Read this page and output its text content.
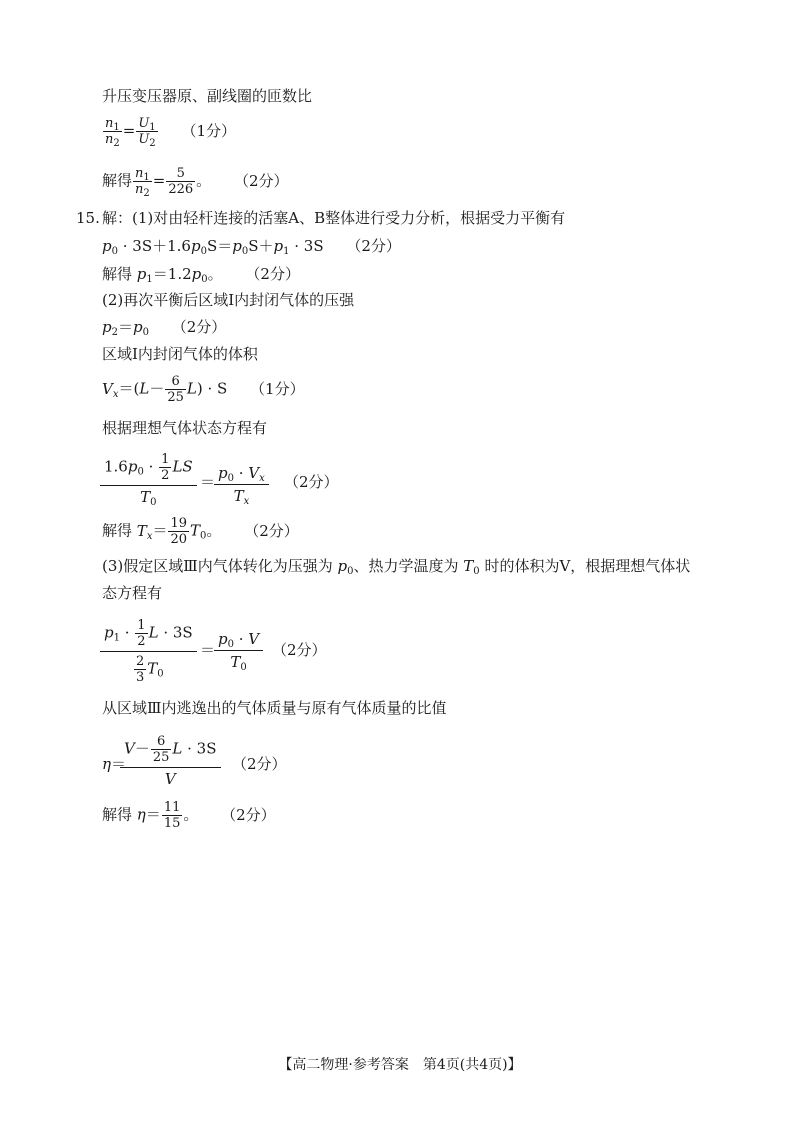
升压变压器原、副线圈的匝数比
$\frac{n_1}{n_2} = \frac{U_1}{U_2} (1$分）
解得 $\frac{n_1}{n_2} = \frac{5}{226}$ 。 （2分）
15. 解：(1)对由轻杆连接的活塞A、B整体进行受力分析，根据受力平衡有
$p_0 \cdot 3S+1.6p_0S=p_0S+p_1 \cdot 3S$ （2分）
解得 $p_1=1.2p_0$。 （2分）
(2)再次平衡后区域Ⅰ内封闭气体的压强
$p_2=p_0$ （2分）
区域Ⅰ内封闭气体的体积
$V_x=(L- \frac{6}{25} L) \cdot S$ （1分）
根据理想气体状态方程有
$\frac{1.6p_0 \cdot \frac{1}{2} LS}{T_0}$ ＝
$\frac{p_0 \cdot V_x}{T_x} (2$分）
解得 $T_x= \frac{19}{20} T_0$。 （2分）
(3)假定区域Ⅲ内气体转化为压强为 $p_0$、热力学温度为 $T_0$ 时的体积为V，根据理想气体状
态方程有
$\frac{p_1 \cdot \frac{1}{2} L \cdot 3S}{\frac{2}{3} T_0}$ ＝
$\frac{p_0 \cdot V}{T_0} (2$分）
从区域Ⅲ内逃逸出的气体质量与原有气体质量的比值
η＝
$\frac{V- \frac{6}{25} L \cdot 3S}{V} (2$分）
解得 $\eta= \frac{11}{15}$ 。 （2分）
【高二物理·参考答案　第4页(共4页)】
